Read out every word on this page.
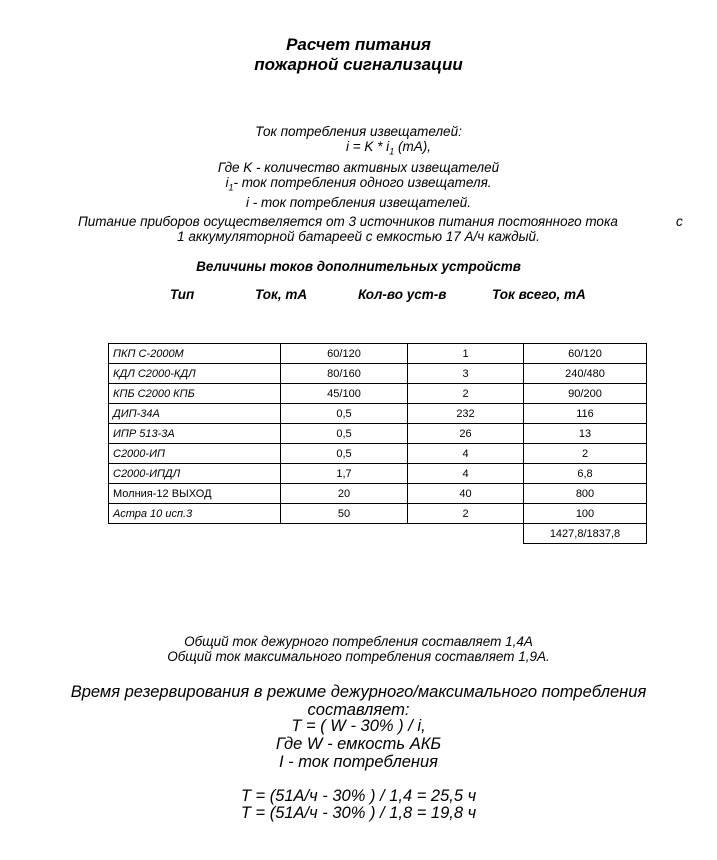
Расчет питания
пожарной сигнализации
Ток потребления извещателей:
$i = K * i_1$ (mA),
Где K - количество активных извещателей
$i_1-$ ток потребления одного извещателя.
i - ток потребления извещателей.
Питание приборов осуществеляется от 3 источников питания постоянного тока	с
1 аккумуляторной батареей с емкостью 17 А/ч каждый.
Величины токов дополнительных устройств
Тип	Ток, mA	Кол-во уст-в	Ток всего, mA
ПКП С-2000М	60/120	1	60/120
КДЛ С2000-КДЛ	80/160	3	240/480
КПБ С2000 КПБ	45/100	2	90/200
ДИП-34А	0,5	232	116
ИПР 513-3А	0,5	26	13
С2000-ИП	0,5	4	2
С2000-ИПДЛ	1,7	4	6,8
Молния-12 ВЫХОД	20	40	800
Астра 10 исп.3	50	2	100
			1427,8/1837,8
Общий ток дежурного потребления составляет 1,4А
Общий ток максимального потребления составляет 1,9А.
Время резервирования в режиме дежурного/максимального потребления
составляет:
T = ( W - 30% ) / i,
Где W - емкость АКБ
I - ток потребления
T = (51А/ч - 30% ) / 1,4 = 25,5 ч
T = (51А/ч - 30% ) / 1,8 = 19,8 ч
